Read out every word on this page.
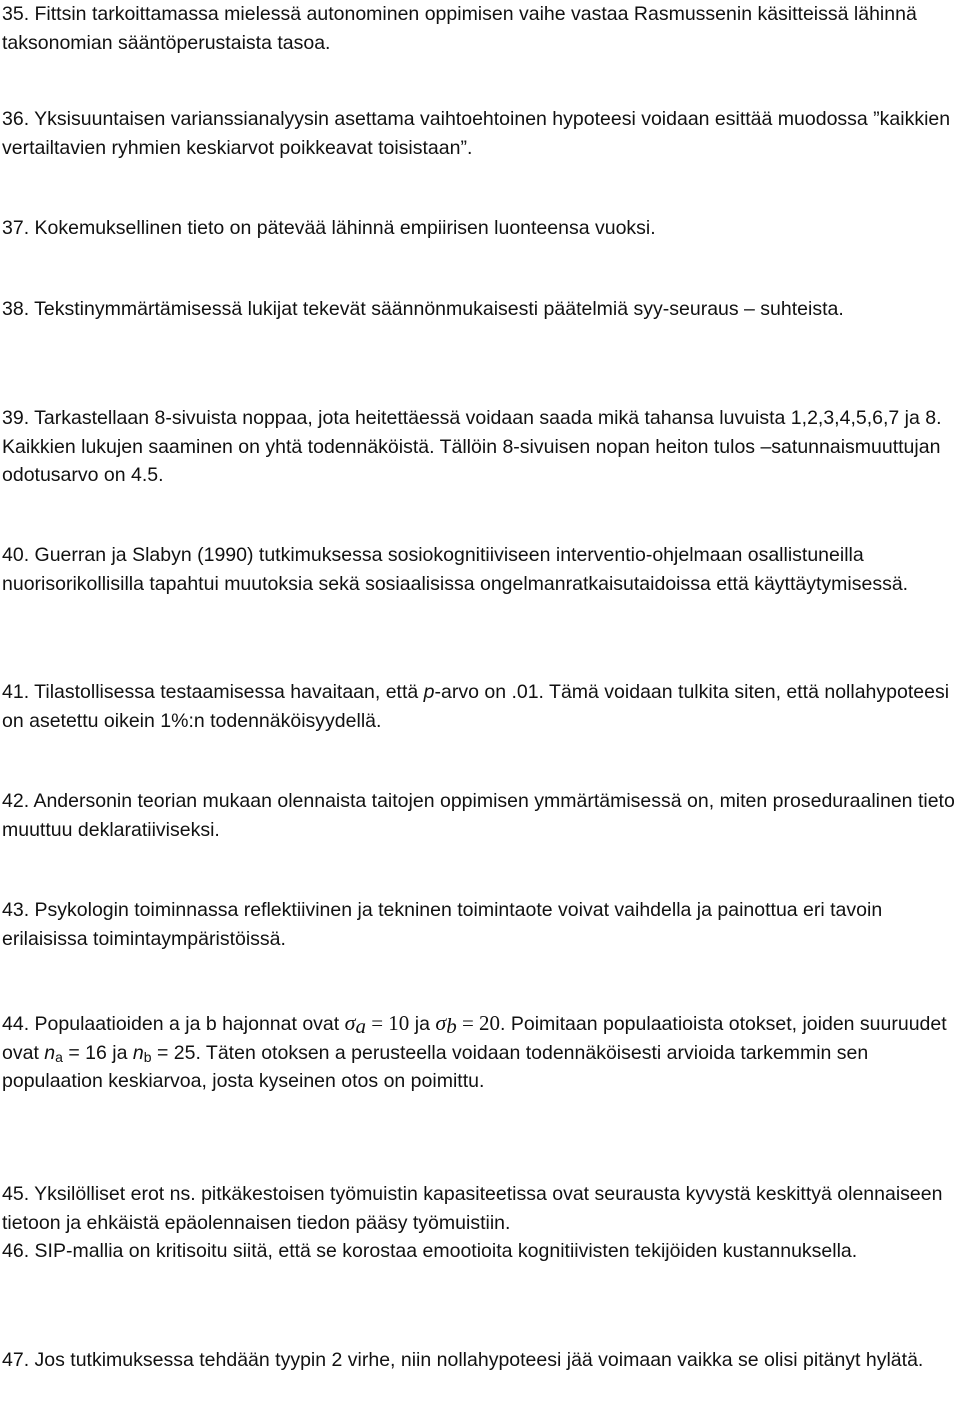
35. Fittsin tarkoittamassa mielessä autonominen oppimisen vaihe vastaa Rasmussenin käsitteissä lähinnä taksonomian sääntöperustaista tasoa.

36. Yksisuuntaisen varianssianalyysin asettama vaihtoehtoinen hypoteesi voidaan esittää muodossa ”kaikkien vertailtavien ryhmien keskiarvot poikkeavat toisistaan”.

37. Kokemuksellinen tieto on pätevää lähinnä empiirisen luonteensa vuoksi.

38. Tekstinymmärtämisessä lukijat tekevät säännönmukaisesti päätelmiä syy-seuraus – suhteista.

39. Tarkastellaan 8-sivuista noppaa, jota heitettäessä voidaan saada mikä tahansa luvuista 1,2,3,4,5,6,7 ja 8. Kaikkien lukujen saaminen on yhtä todennäköistä. Tällöin 8-sivuisen nopan heiton tulos –satunnaismuuttujan odotusarvo on 4.5.

40. Guerran ja Slabyn (1990) tutkimuksessa sosiokognitiiviseen interventio-ohjelmaan osallistuneilla nuorisorikollisilla tapahtui muutoksia sekä sosiaalisissa ongelmanratkaisutaidoissa että käyttäytymisessä.

41. Tilastollisessa testaamisessa havaitaan, että p-arvo on .01. Tämä voidaan tulkita siten, että nollahypoteesi on asetettu oikein 1%:n todennäköisyydellä.

42. Andersonin teorian mukaan olennaista taitojen oppimisen ymmärtämisessä on, miten proseduraalinen tieto muuttuu deklaratiiviseksi.

43. Psykologin toiminnassa reflektiivinen ja tekninen toimintaote voivat vaihdella ja painottua eri tavoin erilaisissa toimintaympäristöissä.

44. Populaatioiden a ja b hajonnat ovat $\sigma_a = 10$ ja $\sigma_b = 20$. Poimitaan populaatioista otokset, joiden suuruudet ovat $n_a = 16$ ja $n_b = 25$. Täten otoksen a perusteella voidaan todennäköisesti arvioida tarkemmin sen populaation keskiarvoa, josta kyseinen otos on poimittu.

45. Yksilölliset erot ns. pitkäkestoisen työmuistin kapasiteetissa ovat seurausta kyvystä keskittyä olennaiseen tietoon ja ehkäistä epäolennaisen tiedon pääsy työmuistiin.

46. SIP-mallia on kritisoitu siitä, että se korostaa emootioita kognitiivisten tekijöiden kustannuksella.

47. Jos tutkimuksessa tehdään tyypin 2 virhe, niin nollahypoteesi jää voimaan vaikka se olisi pitänyt hylätä.
